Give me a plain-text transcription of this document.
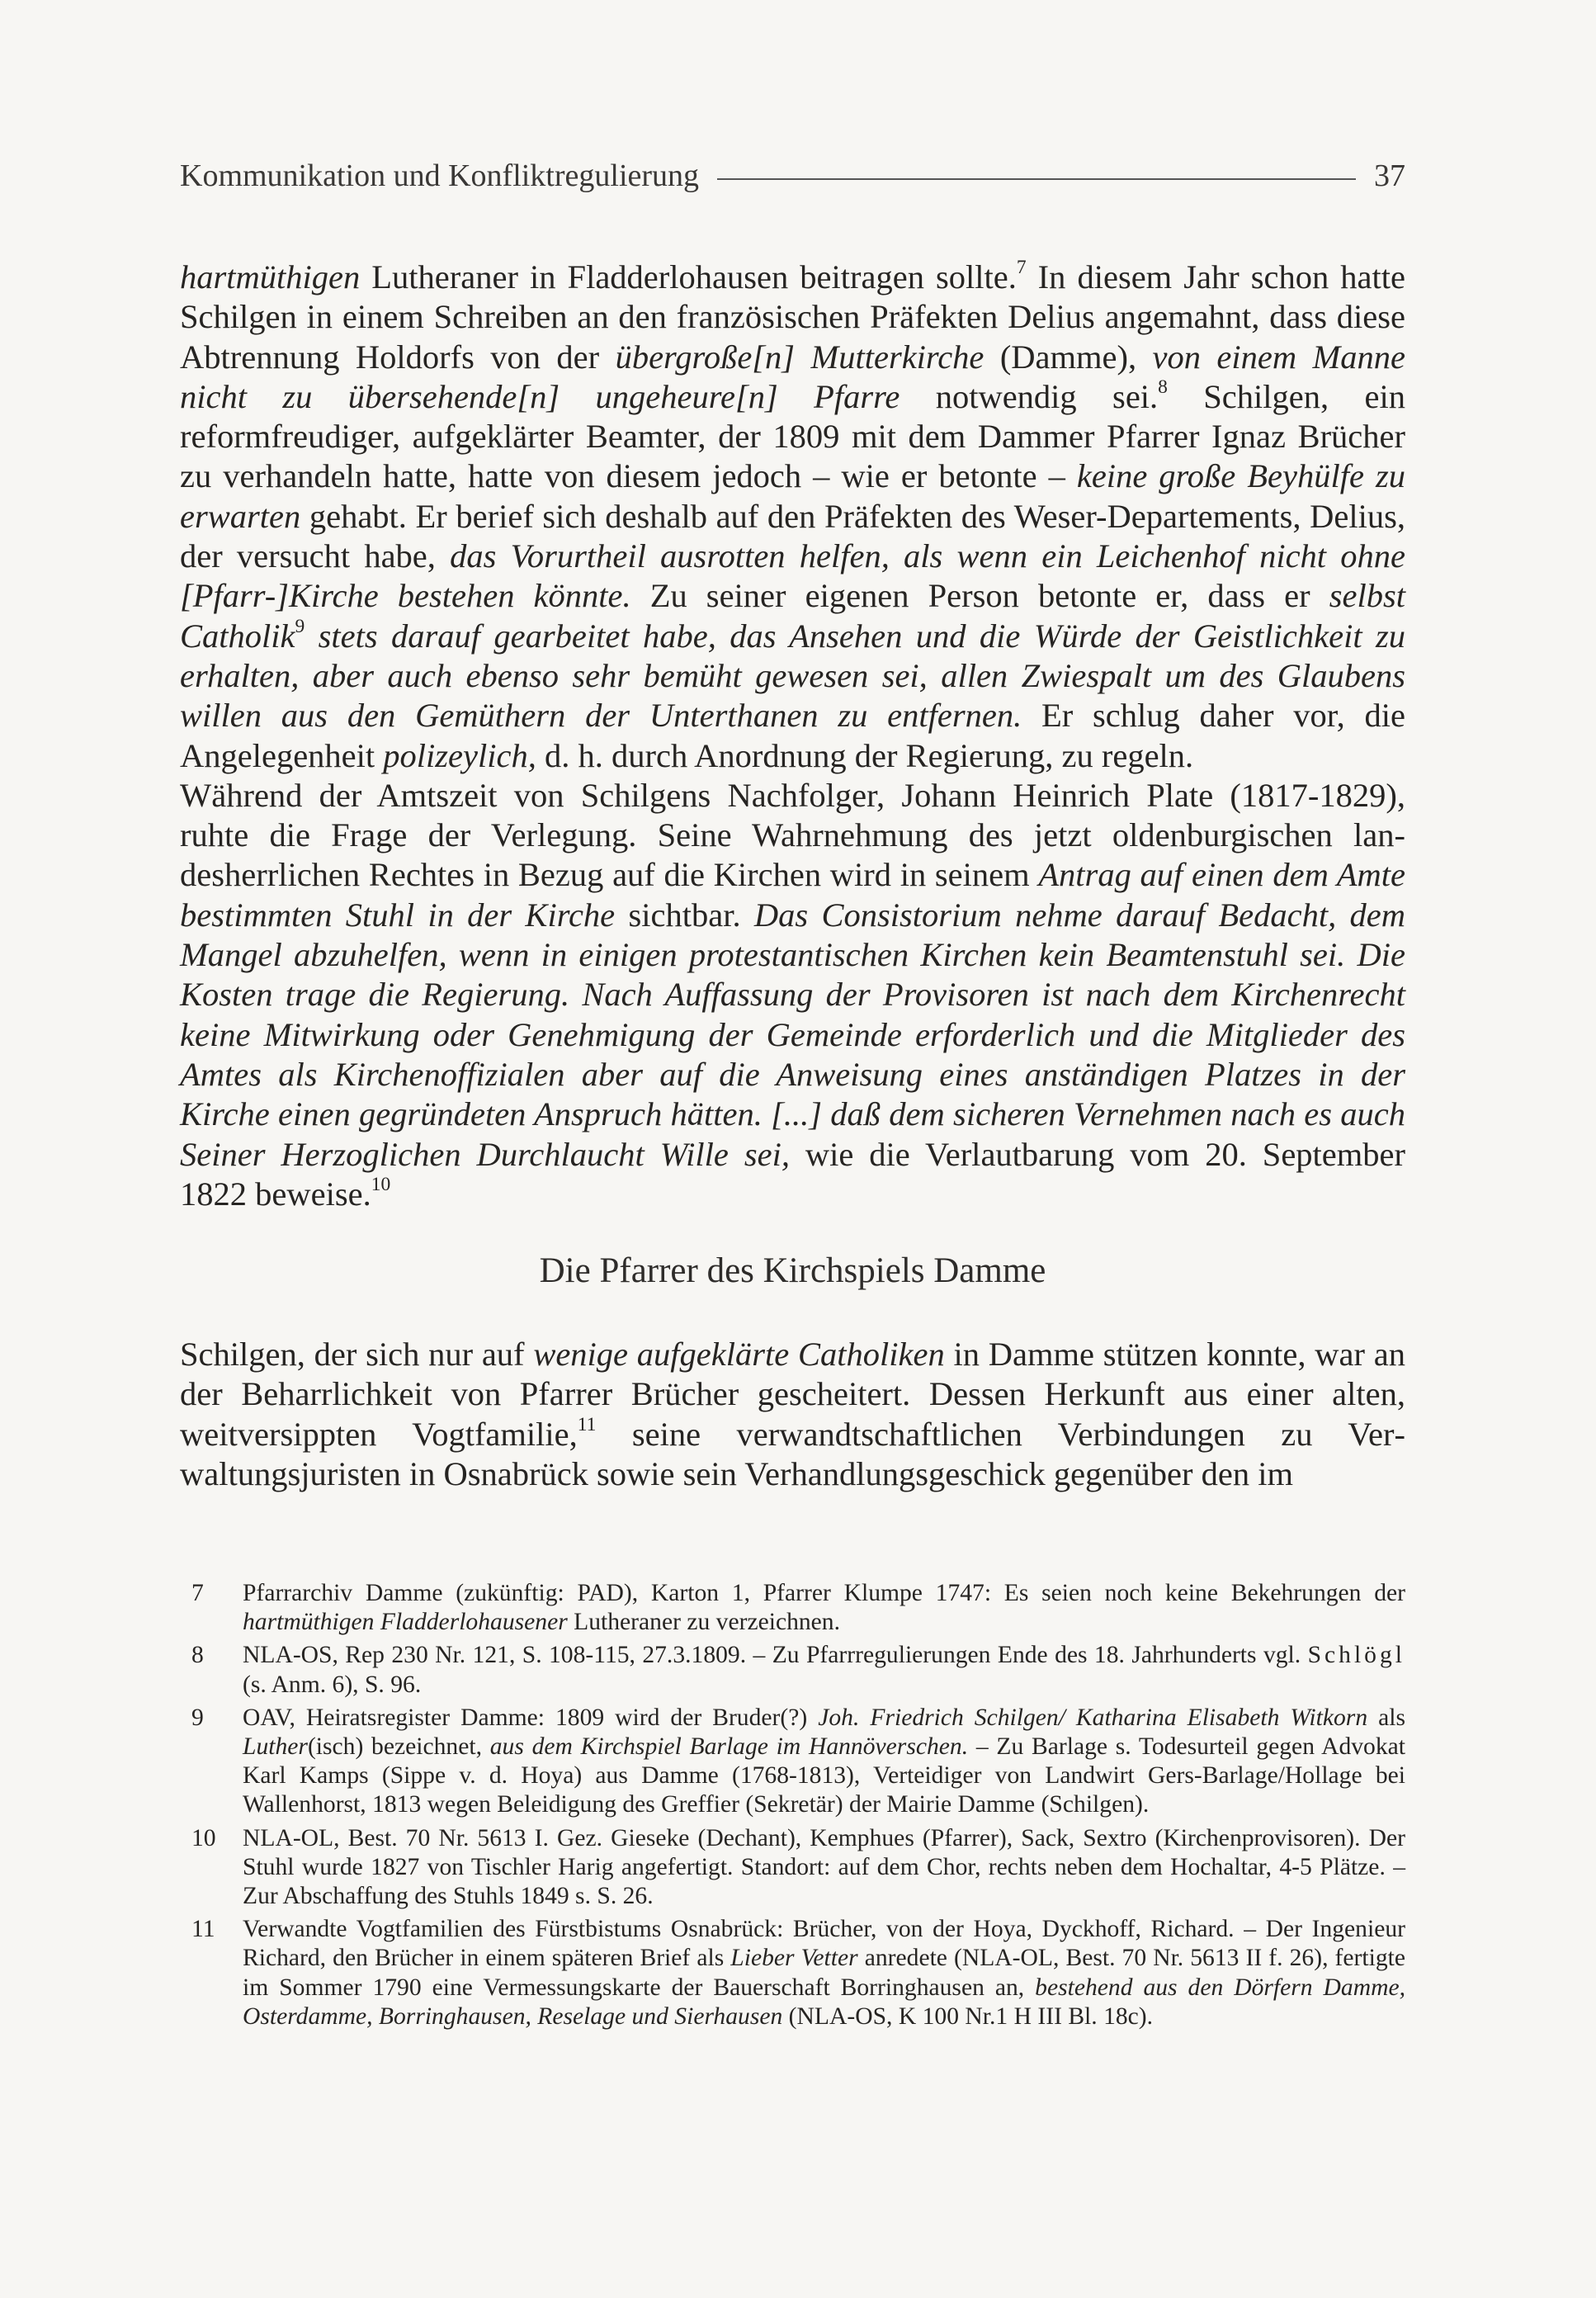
Kommunikation und Konfliktregulierung	37

hartmüthigen Lutheraner in Fladderlohausen beitragen sollte.$^7$ In diesem Jahr schon hatte Schilgen in einem Schreiben an den französischen Präfekten Delius angemahnt, dass diese Abtrennung Holdorfs von der übergroße[n] Mutterkirche (Damme), von einem Manne nicht zu übersehende[n] ungeheure[n] Pfarre notwendig sei.$^8$ Schilgen, ein reformfreudiger, aufgeklärter Beamter, der 1809 mit dem Dammer Pfarrer Ignaz Brücher zu verhandeln hatte, hatte von diesem jedoch – wie er betonte – keine große Beyhülfe zu erwarten gehabt. Er berief sich deshalb auf den Präfekten des Weser-Departements, Delius, der versucht habe, das Vorurtheil ausrotten helfen, als wenn ein Leichenhof nicht ohne [Pfarr-]Kirche bestehen könnte. Zu seiner eigenen Person betonte er, dass er selbst Catholik$^9$ stets darauf gearbeitet habe, das Ansehen und die Würde der Geistlichkeit zu erhalten, aber auch ebenso sehr bemüht gewesen sei, allen Zwiespalt um des Glaubens willen aus den Gemüthern der Unterthanen zu entfernen. Er schlug daher vor, die Angelegenheit polizeylich, d. h. durch Anordnung der Regierung, zu regeln.

Während der Amtszeit von Schilgens Nachfolger, Johann Heinrich Plate (1817-1829), ruhte die Frage der Verlegung. Seine Wahrnehmung des jetzt oldenburgischen landesherrlichen Rechtes in Bezug auf die Kirchen wird in seinem Antrag auf einen dem Amte bestimmten Stuhl in der Kirche sichtbar. Das Consistorium nehme darauf Bedacht, dem Mangel abzuhelfen, wenn in einigen protestantischen Kirchen kein Beamtenstuhl sei. Die Kosten trage die Regierung. Nach Auffassung der Provisoren ist nach dem Kirchenrecht keine Mitwirkung oder Genehmigung der Gemeinde erforderlich und die Mitglieder des Amtes als Kirchenoffizialen aber auf die Anweisung eines anständigen Platzes in der Kirche einen gegründeten Anspruch hätten. [...] daß dem sicheren Vernehmen nach es auch Seiner Herzoglichen Durchlaucht Wille sei, wie die Verlautbarung vom 20. September 1822 beweise.$^{10}$

Die Pfarrer des Kirchspiels Damme

Schilgen, der sich nur auf wenige aufgeklärte Catholiken in Damme stützen konnte, war an der Beharrlichkeit von Pfarrer Brücher gescheitert. Dessen Herkunft aus einer alten, weitversippten Vogtfamilie,$^{11}$ seine verwandtschaftlichen Verbindungen zu Verwaltungsjuristen in Osnabrück sowie sein Verhandlungsgeschick gegenüber den im

7	Pfarrarchiv Damme (zukünftig: PAD), Karton 1, Pfarrer Klumpe 1747: Es seien noch keine Bekehrungen der hartmüthigen Fladderlohausener Lutheraner zu verzeichnen.
8	NLA-OS, Rep 230 Nr. 121, S. 108-115, 27.3.1809. – Zu Pfarrregulierungen Ende des 18. Jahrhunderts vgl. Schlögl (s. Anm. 6), S. 96.
9	OAV, Heiratsregister Damme: 1809 wird der Bruder(?) Joh. Friedrich Schilgen/ Katharina Elisabeth Witkorn als Luther(isch) bezeichnet, aus dem Kirchspiel Barlage im Hannöverschen. – Zu Barlage s. Todesurteil gegen Advokat Karl Kamps (Sippe v. d. Hoya) aus Damme (1768-1813), Verteidiger von Landwirt Gers-Barlage/Hollage bei Wallenhorst, 1813 wegen Beleidigung des Greffier (Sekretär) der Mairie Damme (Schilgen).
10	NLA-OL, Best. 70 Nr. 5613 I. Gez. Gieseke (Dechant), Kemphues (Pfarrer), Sack, Sextro (Kirchenprovisoren). Der Stuhl wurde 1827 von Tischler Harig angefertigt. Standort: auf dem Chor, rechts neben dem Hochaltar, 4-5 Plätze. – Zur Abschaffung des Stuhls 1849 s. S. 26.
11	Verwandte Vogtfamilien des Fürstbistums Osnabrück: Brücher, von der Hoya, Dyckhoff, Richard. – Der Ingenieur Richard, den Brücher in einem späteren Brief als Lieber Vetter anredete (NLA-OL, Best. 70 Nr. 5613 II f. 26), fertigte im Sommer 1790 eine Vermessungskarte der Bauerschaft Borringhausen an, bestehend aus den Dörfern Damme, Osterdamme, Borringhausen, Reselage und Sierhausen (NLA-OS, K 100 Nr.1 H III Bl. 18c).
